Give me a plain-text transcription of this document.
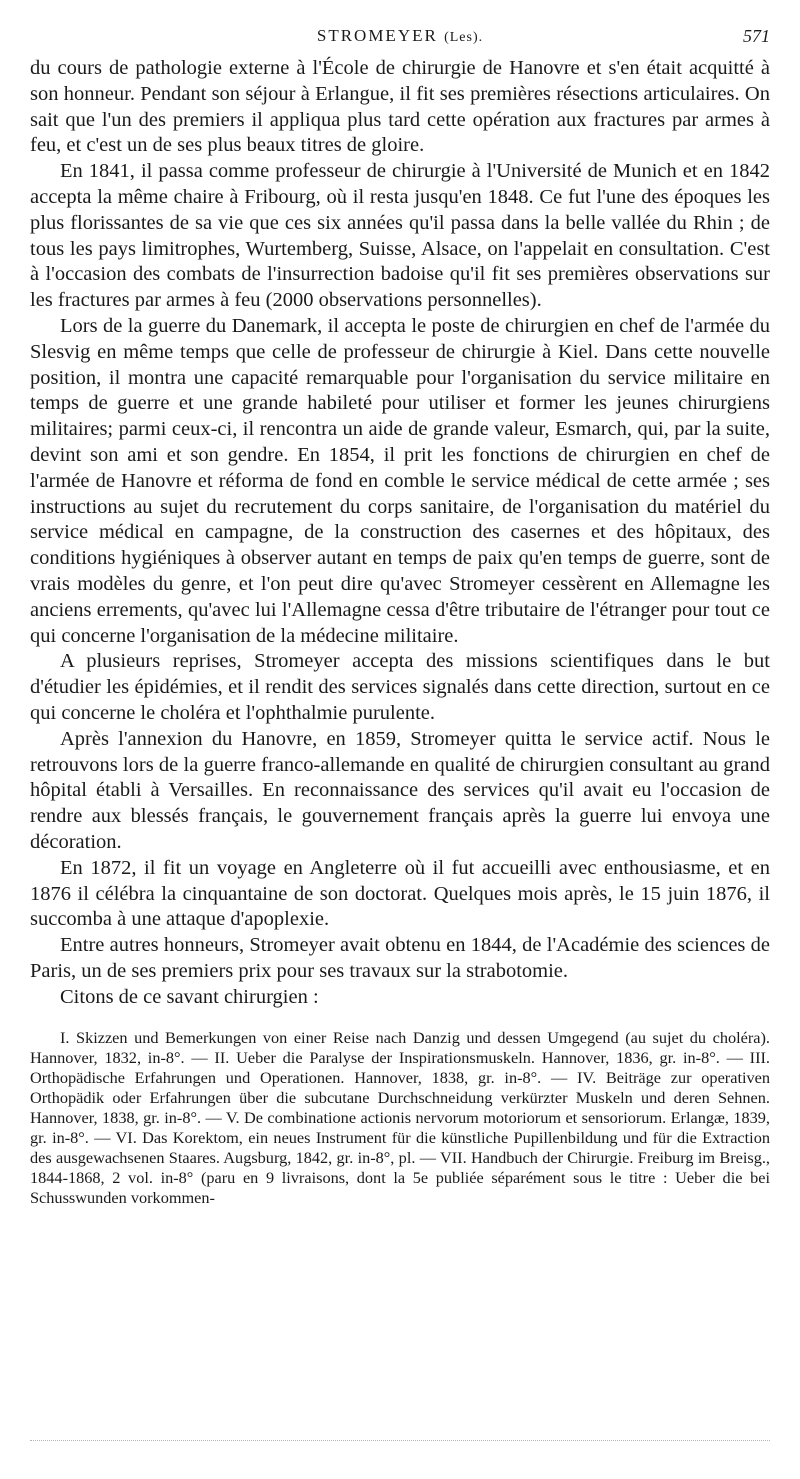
STROMEYER (Les).	571

du cours de pathologie externe à l'École de chirurgie de Hanovre et s'en était acquitté à son honneur. Pendant son séjour à Erlangue, il fit ses premières résections articulaires. On sait que l'un des premiers il appliqua plus tard cette opération aux fractures par armes à feu, et c'est un de ses plus beaux titres de gloire.

En 1841, il passa comme professeur de chirurgie à l'Université de Munich et en 1842 accepta la même chaire à Fribourg, où il resta jusqu'en 1848. Ce fut l'une des époques les plus florissantes de sa vie que ces six années qu'il passa dans la belle vallée du Rhin ; de tous les pays limitrophes, Wurtemberg, Suisse, Alsace, on l'appelait en consultation. C'est à l'occasion des combats de l'insurrection badoise qu'il fit ses premières observations sur les fractures par armes à feu (2000 observations personnelles).

Lors de la guerre du Danemark, il accepta le poste de chirurgien en chef de l'armée du Slesvig en même temps que celle de professeur de chirurgie à Kiel. Dans cette nouvelle position, il montra une capacité remarquable pour l'organisation du service militaire en temps de guerre et une grande habileté pour utiliser et former les jeunes chirurgiens militaires; parmi ceux-ci, il rencontra un aide de grande valeur, Esmarch, qui, par la suite, devint son ami et son gendre. En 1854, il prit les fonctions de chirurgien en chef de l'armée de Hanovre et réforma de fond en comble le service médical de cette armée ; ses instructions au sujet du recrutement du corps sanitaire, de l'organisation du matériel du service médical en campagne, de la construction des casernes et des hôpitaux, des conditions hygiéniques à observer autant en temps de paix qu'en temps de guerre, sont de vrais modèles du genre, et l'on peut dire qu'avec Stromeyer cessèrent en Allemagne les anciens errements, qu'avec lui l'Allemagne cessa d'être tributaire de l'étranger pour tout ce qui concerne l'organisation de la médecine militaire.

A plusieurs reprises, Stromeyer accepta des missions scientifiques dans le but d'étudier les épidémies, et il rendit des services signalés dans cette direction, surtout en ce qui concerne le choléra et l'ophthalmie purulente.

Après l'annexion du Hanovre, en 1859, Stromeyer quitta le service actif. Nous le retrouvons lors de la guerre franco-allemande en qualité de chirurgien consultant au grand hôpital établi à Versailles. En reconnaissance des services qu'il avait eu l'occasion de rendre aux blessés français, le gouvernement français après la guerre lui envoya une décoration.

En 1872, il fit un voyage en Angleterre où il fut accueilli avec enthousiasme, et en 1876 il célébra la cinquantaine de son doctorat. Quelques mois après, le 15 juin 1876, il succomba à une attaque d'apoplexie.

Entre autres honneurs, Stromeyer avait obtenu en 1844, de l'Académie des sciences de Paris, un de ses premiers prix pour ses travaux sur la strabotomie.

Citons de ce savant chirurgien :

I. Skizzen und Bemerkungen von einer Reise nach Danzig und dessen Umgegend (au sujet du choléra). Hannover, 1832, in-8°. — II. Ueber die Paralyse der Inspirationsmuskeln. Hannover, 1836, gr. in-8°. — III. Orthopädische Erfahrungen und Operationen. Hannover, 1838, gr. in-8°. — IV. Beiträge zur operativen Orthopädik oder Erfahrungen über die subcutane Durchschneidung verkürzter Muskeln und deren Sehnen. Hannover, 1838, gr. in-8°. — V. De combinatione actionis nervorum motoriorum et sensoriorum. Erlangæ, 1839, gr. in-8°. — VI. Das Korektom, ein neues Instrument für die künstliche Pupillenbildung und für die Extraction des ausgewachsenen Staares. Augsburg, 1842, gr. in-8°, pl. — VII. Handbuch der Chirurgie. Freiburg im Breisg., 1844-1868, 2 vol. in-8° (paru en 9 livraisons, dont la 5e publiée séparément sous le titre : Ueber die bei Schusswunden vorkommen-
